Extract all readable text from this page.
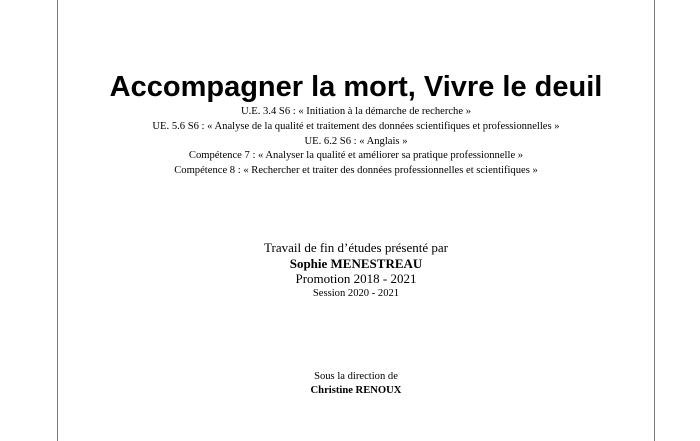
Accompagner la mort, Vivre le deuil
U.E. 3.4 S6 : « Initiation à la démarche de recherche »
UE. 5.6 S6 : « Analyse de la qualité et traitement des données scientifiques et professionnelles »
UE. 6.2 S6 : « Anglais »
Compétence 7 : « Analyser la qualité et améliorer sa pratique professionnelle »
Compétence 8 : « Rechercher et traiter des données professionnelles et scientifiques »
Travail de fin d’études présenté par
Sophie MENESTREAU
Promotion 2018 - 2021
Session 2020 - 2021
Sous la direction de
Christine RENOUX
